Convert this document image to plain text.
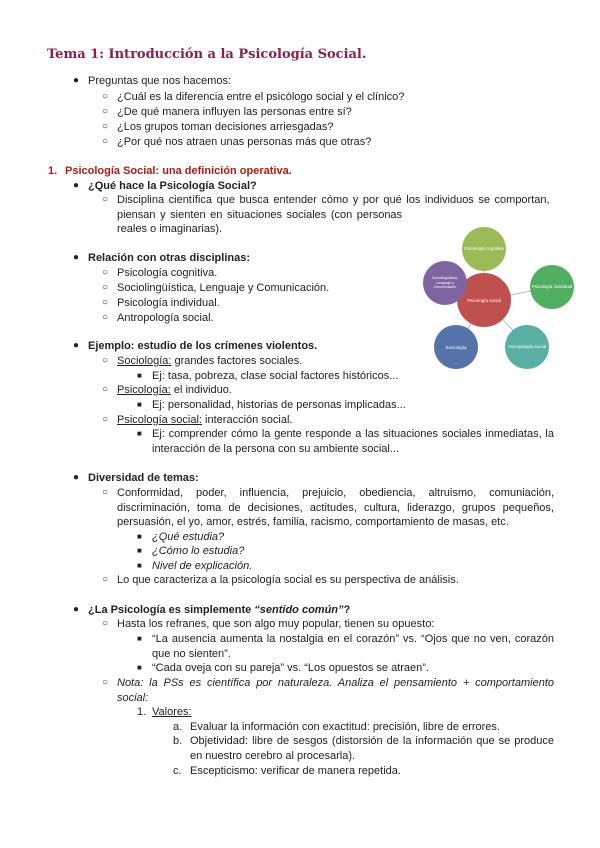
Tema 1: Introducción a la Psicología Social.
● Preguntas que nos hacemos:
○ ¿Cuál es la diferencia entre el psicólogo social y el clínico?
○ ¿De qué manera influyen las personas entre sí?
○ ¿Los grupos toman decisiones arriesgadas?
○ ¿Por qué nos atraen unas personas más que otras?
1. Psicología Social: una definición operativa.
● ¿Qué hace la Psicología Social?
○ Disciplina científica que busca entender cómo y por qué los individuos se comportan,
piensan y sienten en situaciones sociales (con personas
reales o imaginarias).
● Relación con otras disciplinas:
○ Psicología cognitiva.
○ Sociolingüística, Lenguaje y Comunicación.
○ Psicología individual.
○ Antropología social.
Psicología social
Psicología cognitiva
Psicología individual
Antropología social
Sociología
Sociolingüística, Lenguaje y Comunicación
● Ejemplo: estudio de los crímenes violentos.
○ Sociología: grandes factores sociales.
■ Ej: tasa, pobreza, clase social factores históricos...
○ Psicología: el individuo.
■ Ej: personalidad, historias de personas implicadas...
○ Psicología social: interacción social.
■ Ej: comprender cómo la gente responde a las situaciones sociales inmediatas, la interacción de la persona con su ambiente social...
● Diversidad de temas:
○ Conformidad, poder, influencia, prejuicio, obediencia, altruismo, comuniación, discriminación, toma de decisiones, actitudes, cultura, liderazgo, grupos pequeños, persuasión, el yo, amor, estrés, familia, racismo, comportamiento de masas, etc.
■ ¿Qué estudia?
■ ¿Cómo lo estudia?
■ Nivel de explicación.
○ Lo que caracteriza a la psicología social es su perspectiva de análisis.
● ¿La Psicología es simplemente “sentido común”?
○ Hasta los refranes, que son algo muy popular, tienen su opuesto:
■ “La ausencia aumenta la nostalgia en el corazón” vs. “Ojos que no ven, corazón que no sienten”.
■ “Cada oveja con su pareja” vs. “Los opuestos se atraen”.
○ Nota: la PSs es científica por naturaleza. Analiza el pensamiento + comportamiento social:
1. Valores:
a. Evaluar la información con exactitud: precisión, libre de errores.
b. Objetividad: libre de sesgos (distorsión de la información que se produce en nuestro cerebro al procesarla).
c. Escepticismo: verificar de manera repetida.
